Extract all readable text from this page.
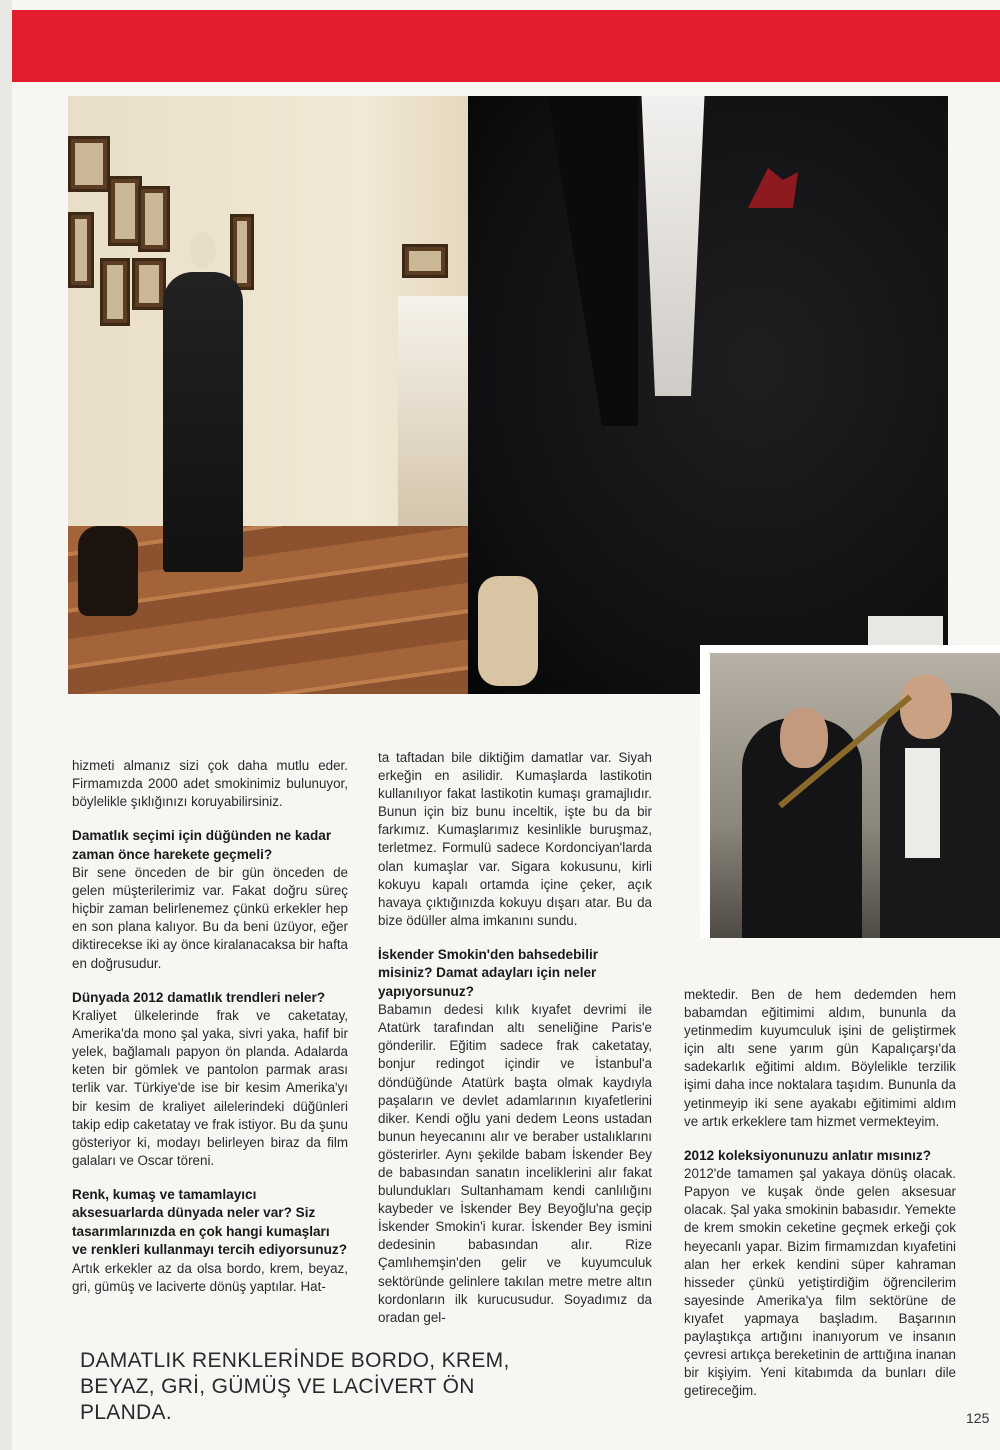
hizmeti almanız sizi çok daha mutlu eder. Firmamızda 2000 adet smokinimiz bulunuyor, böylelikle şıklığınızı koruyabilirsiniz.

Damatlık seçimi için düğünden ne kadar zaman önce harekete geçmeli?

Bir sene önceden de bir gün önceden de gelen müşterilerimiz var. Fakat doğru süreç hiçbir zaman belirlenemez çünkü erkekler hep en son plana kalıyor. Bu da beni üzüyor, eğer diktirecekse iki ay önce kiralanacaksa bir hafta en doğrusudur.

Dünyada 2012 damatlık trendleri neler?

Kraliyet ülkelerinde frak ve caketatay, Amerika'da mono şal yaka, sivri yaka, hafif bir yelek, bağlamalı papyon ön planda. Adalarda keten bir gömlek ve pantolon parmak arası terlik var. Türkiye'de ise bir kesim Amerika'yı bir kesim de kraliyet ailelerindeki düğünleri takip edip caketatay ve frak istiyor. Bu da şunu gösteriyor ki, modayı belirleyen biraz da film galaları ve Oscar töreni.

Renk, kumaş ve tamamlayıcı aksesuarlarda dünyada neler var? Siz tasarımlarınızda en çok hangi kumaşları ve renkleri kullanmayı tercih ediyorsunuz?

Artık erkekler az da olsa bordo, krem, beyaz, gri, gümüş ve laciverte dönüş yaptılar. Hat-

ta taftadan bile diktiğim damatlar var. Siyah erkeğin en asilidir. Kumaşlarda lastikotin kullanılıyor fakat lastikotin kumaşı gramajlıdır. Bunun için biz bunu inceltik, işte bu da bir farkımız. Kumaşlarımız kesinlikle buruşmaz, terletmez. Formulü sadece Kordonciyan'larda olan kumaşlar var. Sigara kokusunu, kirli kokuyu kapalı ortamda içine çeker, açık havaya çıktığınızda kokuyu dışarı atar. Bu da bize ödüller alma imkanını sundu.

İskender Smokin'den bahsedebilir misiniz? Damat adayları için neler yapıyorsunuz?

Babamın dedesi kılık kıyafet devrimi ile Atatürk tarafından altı seneliğine Paris'e gönderilir. Eğitim sadece frak caketatay, bonjur redingot içindir ve İstanbul'a döndüğünde Atatürk başta olmak kaydıyla paşaların ve devlet adamlarının kıyafetlerini diker. Kendi oğlu yani dedem Leons ustadan bunun heyecanını alır ve beraber ustalıklarını gösterirler. Aynı şekilde babam İskender Bey de babasından sanatın inceliklerini alır fakat bulundukları Sultanhamam kendi canlılığını kaybeder ve İskender Bey Beyoğlu'na geçip İskender Smokin'i kurar. İskender Bey ismini dedesinin babasından alır. Rize Çamlıhemşin'den gelir ve kuyumculuk sektöründe gelinlere takılan metre metre altın kordonların ilk kurucusudur. Soyadımız da oradan gel-

mektedir. Ben de hem dedemden hem babamdan eğitimimi aldım, bununla da yetinmedim kuyumculuk işini de geliştirmek için altı sene yarım gün Kapalıçarşı'da sadekarlık eğitimi aldım. Böylelikle terzilik işimi daha ince noktalara taşıdım. Bununla da yetinmeyip iki sene ayakabı eğitimimi aldım ve artık erkeklere tam hizmet vermekteyim.

2012 koleksiyonunuzu anlatır mısınız?

2012'de tamamen şal yakaya dönüş olacak. Papyon ve kuşak önde gelen aksesuar olacak. Şal yaka smokinin babasıdır. Yemekte de krem smokin ceketine geçmek erkeği çok heyecanlı yapar. Bizim firmamızdan kıyafetini alan her erkek kendini süper kahraman hisseder çünkü yetiştirdiğim öğrencilerim sayesinde Amerika'ya film sektörüne de kıyafet yapmaya başladım. Başarının paylaştıkça artığını inanıyorum ve insanın çevresi artıkça bereketinin de arttığına inanan bir kişiyim. Yeni kitabımda da bunları dile getireceğim.

DAMATLIK RENKLERİNDE BORDO, KREM, BEYAZ, GRİ, GÜMÜŞ VE LACİVERT ÖN PLANDA.	125
